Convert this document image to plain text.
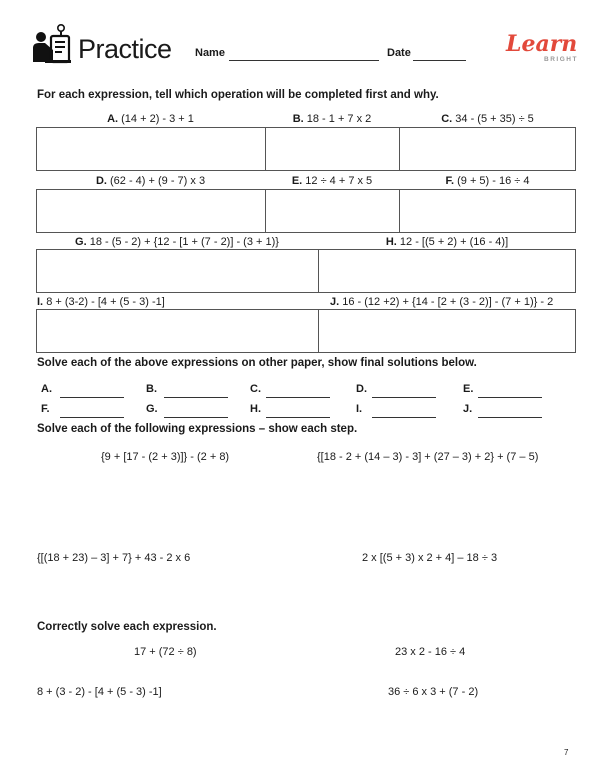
Practice Name	Date	Learn
BRIGHT
For each expression, tell which operation will be completed first and why.
A. (14 + 2) - 3 + 1	B. 18 - 1 + 7 x 2	C. 34 - (5 + 35) ÷ 5
D. (62 - 4) + (9 - 7) x 3	E. 12 ÷ 4 + 7 x 5	F. (9 + 5) - 16 ÷ 4
G. 18 - (5 - 2) + {12 - [1 + (7 - 2)] - (3 + 1)}	H. 12 - [(5 + 2) + (16 - 4)]
I. 8 + (3-2) - [4 + (5 - 3) -1]	J. 16 - (12 +2) + {14 - [2 + (3 - 2)] - (7 + 1)} - 2
Solve each of the above expressions on other paper, show final solutions below.
A.	B.	C.	D.	E.
F.	G.	H.	I.	J.
Solve each of the following expressions – show each step.
{9 + [17 - (2 + 3)]} - (2 + 8)	{[18 - 2 + (14 – 3) - 3] + (27 – 3) + 2} + (7 – 5)
{[(18 + 23) – 3] + 7} + 43 - 2 x 6	2 x [(5 + 3) x 2 + 4] – 18 ÷ 3
Correctly solve each expression.
17 + (72 ÷ 8)	23 x 2 - 16 ÷ 4
8 + (3 - 2) - [4 + (5 - 3) -1]	36 ÷ 6 x 3 + (7 - 2)
7
